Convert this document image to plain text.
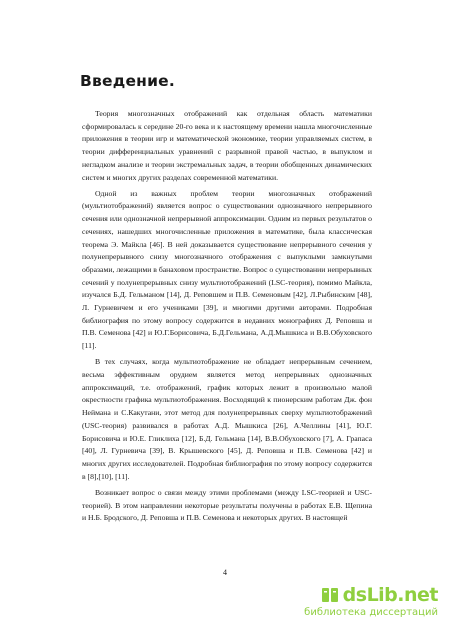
Введение.

Теория многозначных отображений как отдельная область математики сформировалась к середине 20-го века и к настоящему времени нашла многочисленные приложения в теории игр и математической экономике, теории управляемых систем, в теории дифференциальных уравнений с разрывной правой частью, в выпуклом и негладком анализе и теории экстремальных задач, в теории обобщенных динамических систем и многих других разделах современной математики.

Одной из важных проблем теории многозначных отображений (мультиотображений) является вопрос о существовании однозначного непрерывного сечения или однозначной непрерывной аппроксимации. Одним из первых результатов о сечениях, нашедших многочисленные приложения в математике, была классическая теорема Э. Майкла [46]. В ней доказывается существование непрерывного сечения у полунепрерывного снизу многозначного отображения с выпуклыми замкнутыми образами, лежащими в банаховом пространстве. Вопрос о существовании непрерывных сечений у полунепрерывных снизу мультиотображений (LSC-теория), помимо Майкла, изучался Б.Д. Гельманом [14], Д. Реповшем и П.В. Семеновым [42], Л.Рыбинским [48], Л. Гурневичем и его учениками [39], и многими другими авторами. Подробная библиография по этому вопросу содержится в недавних монографиях Д. Реповша и П.В. Семенова [42] и Ю.Г.Борисовича, Б.Д.Гельмана, А.Д.Мышкиса и В.В.Обуховского [11].

В тех случаях, когда мультиотображение не обладает непрерывным сечением, весьма эффективным орудием является метод непрерывных однозначных аппроксимаций, т.е. отображений, график которых лежит в произвольно малой окрестности графика мультиотображения. Восходящий к пионерским работам Дж. фон Неймана и С.Какутани, этот метод для полунепрерывных сверху мультиотображений (USC-теория) развивался в работах А.Д. Мышкиса [26], А.Челлины [41], Ю.Г. Борисовича и Ю.Е. Гликлиха [12], Б.Д. Гельмана [14], В.В.Обуховского [7], А. Грапаса [40], Л. Гурневича [39], В. Крышевского [45], Д. Реповша и П.В. Семенова [42] и многих других исследователей. Подробная библиография по этому вопросу содержится в [8],[10], [11].

Возникает вопрос о связи между этими проблемами (между LSC-теорией и USC-теорией). В этом направлении некоторые результаты получены в работах Е.В. Щепина и Н.Б. Бродского, Д. Реповша и П.В. Семенова и некоторых других. В настоящей

4
dsLib.net
библиотека диссертаций
